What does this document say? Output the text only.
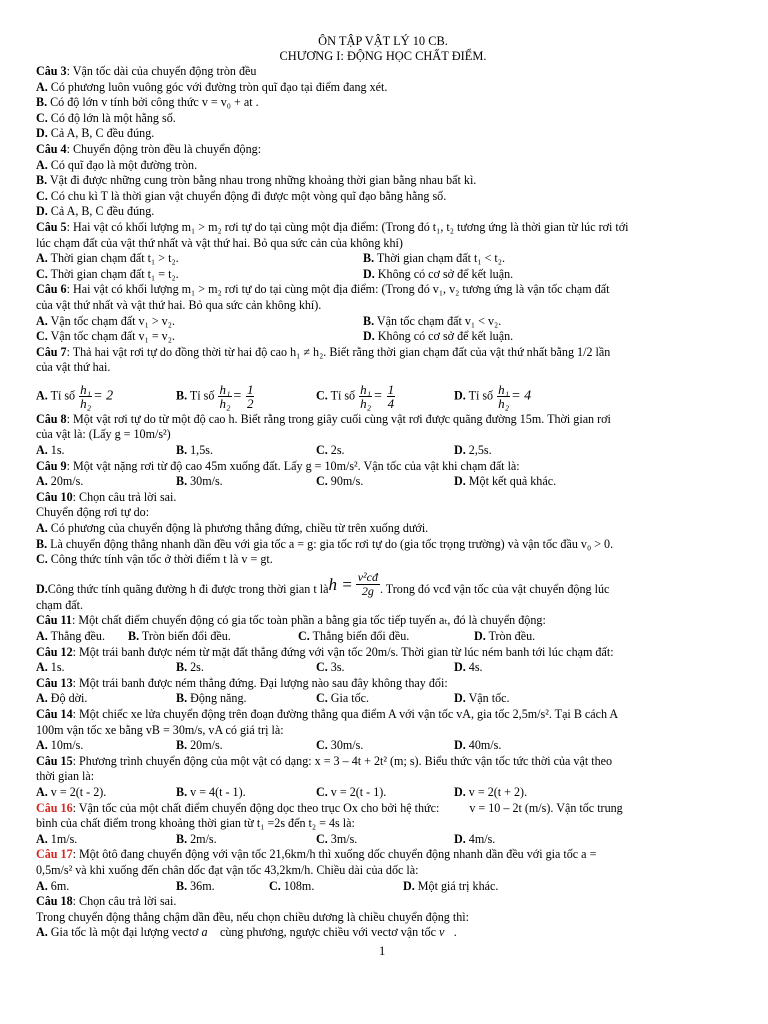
ÔN TẬP VẬT LÝ 10 CB.
CHƯƠNG I: ĐỘNG HỌC CHẤT ĐIỂM.
Câu 3: Vận tốc dài của chuyển động tròn đều
A. Có phương luôn vuông góc với đường tròn quĩ đạo tại điểm đang xét.
B. Có độ lớn v tính bởi công thức v = v₀ + at .
C. Có độ lớn là một hằng số.
D. Cả A, B, C đều đúng.
Câu 4: Chuyển động tròn đều là chuyển động:
A. Có quĩ đạo là một đường tròn.
B. Vật đi được những cung tròn bằng nhau trong những khoảng thời gian bằng nhau bất kì.
C. Có chu kì T là thời gian vật chuyển động đi được một vòng quĩ đạo bằng hằng số.
D. Cả A, B, C đều đúng.
Câu 5: Hai vật có khối lượng m₁ > m₂ rơi tự do tại cùng một địa điểm: (Trong đó t₁, t₂ tương ứng là thời gian từ lúc rơi tới
lúc chạm đất của vật thứ nhất và vật thứ hai. Bỏ qua sức cản của không khí)
A. Thời gian chạm đất t₁ > t₂.	B. Thời gian chạm đất t₁ < t₂.
C. Thời gian chạm đất t₁ = t₂.	D. Không có cơ sở để kết luận.
Câu 6: Hai vật có khối lượng m₁ > m₂ rơi tự do tại cùng một địa điểm: (Trong đó v₁, v₂ tương ứng là vận tốc chạm đất
của vật thứ nhất và vật thứ hai. Bỏ qua sức cản không khí).
A. Vận tốc chạm đất v₁ > v₂.	B. Vận tốc chạm đất v₁ < v₂.
C. Vận tốc chạm đất v₁ = v₂.	D. Không có cơ sở để kết luận.
Câu 7: Thả hai vật rơi tự do đồng thời từ hai độ cao h₁ ≠ h₂. Biết rằng thời gian chạm đất của vật thứ nhất bằng 1/2 lần
của vật thứ hai.
A. Tỉ số $\frac{\text{h₁}}{\text{h₂}} = 2$	B. Tỉ số $\frac{\text{h₁}}{\text{h₂}} = \frac{1}{2}$	C. Tỉ số $\frac{\text{h₁}}{\text{h₂}} = \frac{1}{4}$	D. Tỉ số $\frac{\text{h₁}}{\text{h₂}} = 4$
Câu 8: Một vật rơi tự do từ một độ cao h. Biết rằng trong giây cuối cùng vật rơi được quãng đường 15m. Thời gian rơi
của vật là: (Lấy g = 10m/s²)
A. 1s.	B. 1,5s.	C. 2s.	D. 2,5s.
Câu 9: Một vật nặng rơi từ độ cao 45m xuống đất. Lấy g = 10m/s². Vận tốc của vật khi chạm đất là:
A. 20m/s.	B. 30m/s.	C. 90m/s.	D. Một kết quả khác.
Câu 10: Chọn câu trả lời sai.
Chuyển động rơi tự do:
A. Có phương của chuyển động là phương thẳng đứng, chiều từ trên xuống dưới.
B. Là chuyển động thẳng nhanh dần đều với gia tốc a = g: gia tốc rơi tự do (gia tốc trọng trường) và vận tốc đầu v₀ > 0.
C. Công thức tính vận tốc ở thời điểm t là v = gt.
D. Công thức tính quãng đường h đi được trong thời gian t là $h = \frac{\text{v²cđ}}{2g}$ . Trong đó vcđ vận tốc của vật chuyển động lúc
chạm đất.
Câu 11: Một chất điểm chuyển động có gia tốc toàn phần a bằng gia tốc tiếp tuyến aₜ, đó là chuyển động:
A. Thẳng đều.	B. Tròn biến đổi đều.	C. Thẳng biến đổi đều.	D. Tròn đều.
Câu 12: Một trái banh được ném từ mặt đất thẳng đứng với vận tốc 20m/s. Thời gian từ lúc ném banh tới lúc chạm đất:
A. 1s.	B. 2s.	C. 3s.	D. 4s.
Câu 13: Một trái banh được ném thẳng đứng. Đại lượng nào sau đây không thay đổi:
A. Độ dời.	B. Động năng.	C. Gia tốc.	D. Vận tốc.
Câu 14: Một chiếc xe lửa chuyển động trên đoạn đường thẳng qua điểm A với vận tốc vA, gia tốc 2,5m/s². Tại B cách A
100m vận tốc xe bằng vB = 30m/s, vA có giá trị là:
A. 10m/s.	B. 20m/s.	C. 30m/s.	D. 40m/s.
Câu 15: Phương trình chuyển động của một vật có dạng: x = 3 – 4t + 2t² (m; s). Biểu thức vận tốc tức thời của vật theo
thời gian là:
A. v = 2(t - 2).	B. v = 4(t - 1).	C. v = 2(t - 1).	D. v = 2(t + 2).
Câu 16: Vận tốc của một chất điểm chuyển động dọc theo trục Ox cho bởi hệ thức: v = 10 – 2t (m/s). Vận tốc trung
bình của chất điểm trong khoảng thời gian từ t₁ =2s đến t₂ = 4s là:
A. 1m/s.	B. 2m/s.	C. 3m/s.	D. 4m/s.
Câu 17: Một ôtô đang chuyển động với vận tốc 21,6km/h thì xuống dốc chuyển động nhanh dần đều với gia tốc a =
0,5m/s² và khi xuống đến chân dốc đạt vận tốc 43,2km/h. Chiều dài của dốc là:
A. 6m.	B. 36m.	C. 108m.	D. Một giá trị khác.
Câu 18: Chọn câu trả lời sai.
Trong chuyển động thẳng chậm dần đều, nếu chọn chiều dương là chiều chuyển động thì:
A. Gia tốc là một đại lượng vectơ a⃗ cùng phương, ngược chiều với vectơ vận tốc v⃗.
1
